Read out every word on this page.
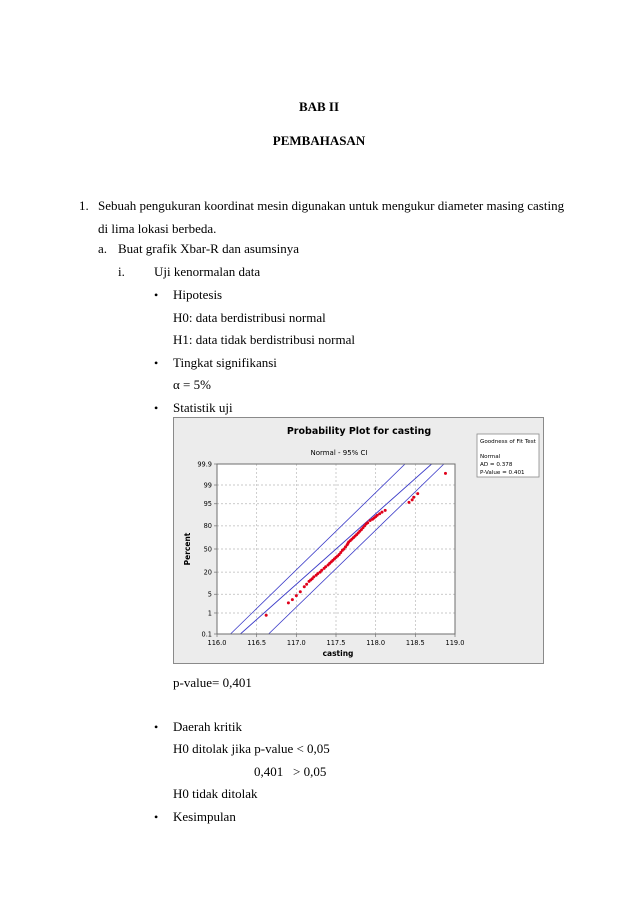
BAB II
PEMBAHASAN
1. Sebuah pengukuran koordinat mesin digunakan untuk mengukur diameter masing casting
di lima lokasi berbeda.
a. Buat grafik Xbar-R dan asumsinya
i. Uji kenormalan data
• Hipotesis
H0: data berdistribusi normal
H1: data tidak berdistribusi normal
• Tingkat signifikansi
α = 5%
• Statistik uji
116.0	116.5	117.0	117.5	118.0	118.5	119.0
0.1
1
5
20
50
80
95
99
99.9
Probability Plot for casting
Normal - 95% CI
casting
Percent
Goodness of Fit Test
Normal
AD = 0.378
P-Value = 0.401
p-value= 0,401
• Daerah kritik
H0 ditolak jika p-value < 0,05
0,401   > 0,05
H0 tidak ditolak
• Kesimpulan
